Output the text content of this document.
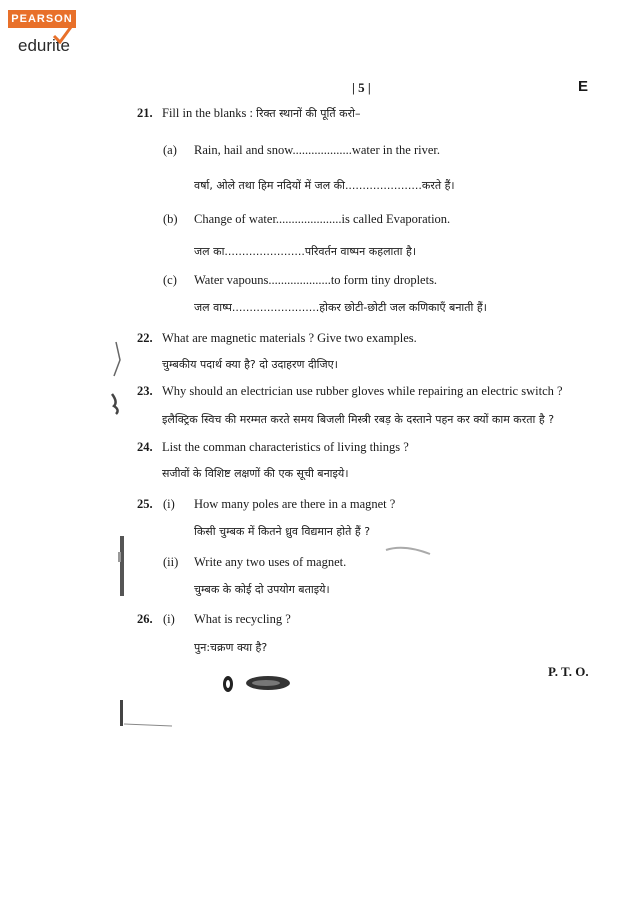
PEARSON
edurite
| 5 |	E
21. Fill in the blanks : रिक्त स्थानों की पूर्ति करो–
(a) Rain, hail and snow...................water in the river.
वर्षा, ओले तथा हिम नदियों में जल की......................करते हैं।
(b) Change of water.....................is called Evaporation.
जल का.......................परिवर्तन वाष्पन कहलाता है।
(c) Water vapouns....................to form tiny droplets.
जल वाष्प.........................होकर छोटी-छोटी जल कणिकाएँ बनाती हैं।
22. What are magnetic materials ? Give two examples.
चुम्बकीय पदार्थ क्या है? दो उदाहरण दीजिए।
23. Why should an electrician use rubber gloves while repairing an electric switch ?
इलैक्ट्रिक स्विच की मरम्मत करते समय बिजली मिस्त्री रबड़ के दस्ताने पहन कर क्यों काम करता है ?
24. List the comman characteristics of living things ?
सजीवों के विशिष्ट लक्षणों की एक सूची बनाइये।
25. (i) How many poles are there in a magnet ?
किसी चुम्बक में कितने ध्रुव विद्यमान होते हैं ?
(ii) Write any two uses of magnet.
चुम्बक के कोई दो उपयोग बताइये।
26. (i) What is recycling ?
पुन:चक्रण क्या है?
P. T. O.
